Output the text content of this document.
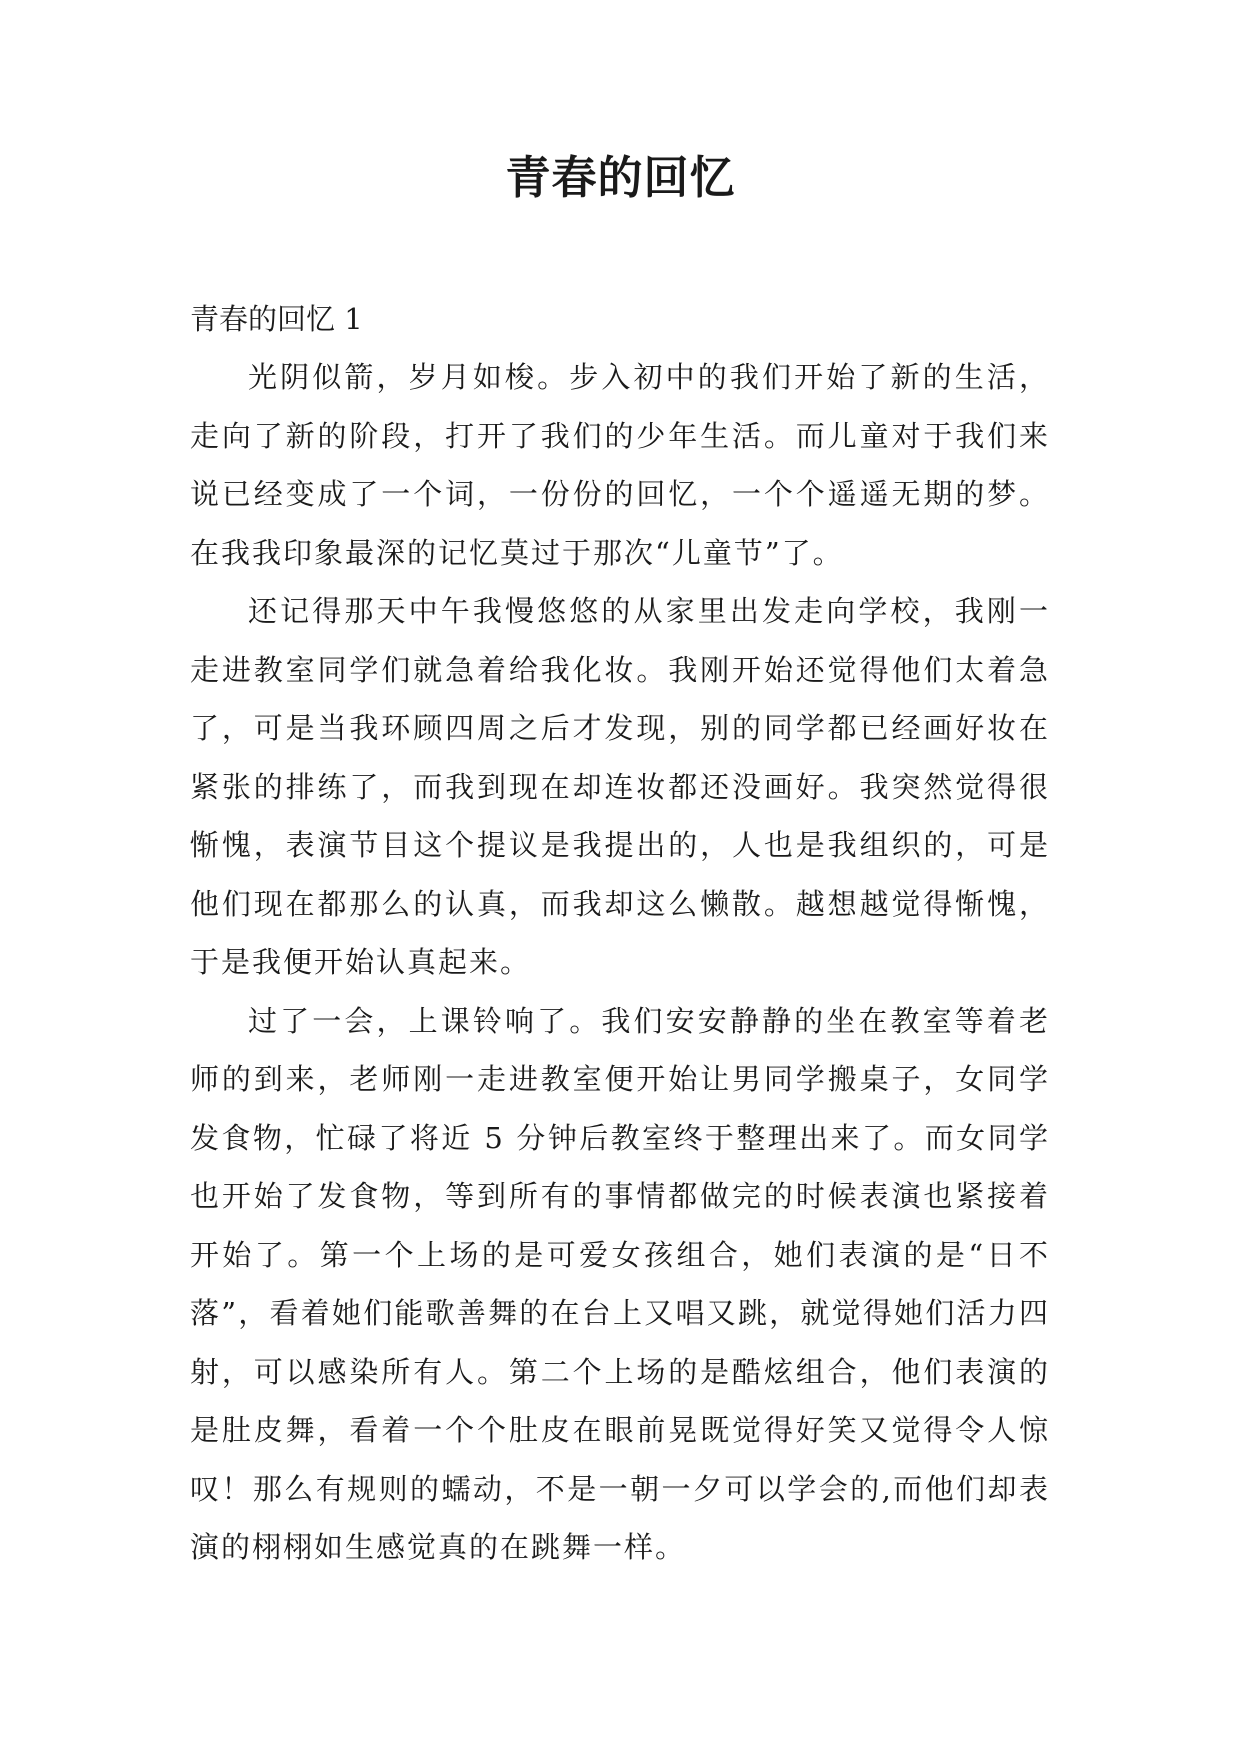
青春的回忆

青春的回忆 1

光阴似箭，岁月如梭。步入初中的我们开始了新的生活，走向了新的阶段，打开了我们的少年生活。而儿童对于我们来说已经变成了一个词，一份份的回忆，一个个遥遥无期的梦。在我我印象最深的记忆莫过于那次“儿童节”了。

还记得那天中午我慢悠悠的从家里出发走向学校，我刚一走进教室同学们就急着给我化妆。我刚开始还觉得他们太着急了，可是当我环顾四周之后才发现，别的同学都已经画好妆在紧张的排练了，而我到现在却连妆都还没画好。我突然觉得很惭愧，表演节目这个提议是我提出的，人也是我组织的，可是他们现在都那么的认真，而我却这么懒散。越想越觉得惭愧，于是我便开始认真起来。

过了一会，上课铃响了。我们安安静静的坐在教室等着老师的到来，老师刚一走进教室便开始让男同学搬桌子，女同学发食物，忙碌了将近 5 分钟后教室终于整理出来了。而女同学也开始了发食物，等到所有的事情都做完的时候表演也紧接着开始了。第一个上场的是可爱女孩组合，她们表演的是“日不落”，看着她们能歌善舞的在台上又唱又跳，就觉得她们活力四射，可以感染所有人。第二个上场的是酷炫组合，他们表演的是肚皮舞，看着一个个肚皮在眼前晃既觉得好笑又觉得令人惊叹！那么有规则的蠕动，不是一朝一夕可以学会的,而他们却表演的栩栩如生感觉真的在跳舞一样。
